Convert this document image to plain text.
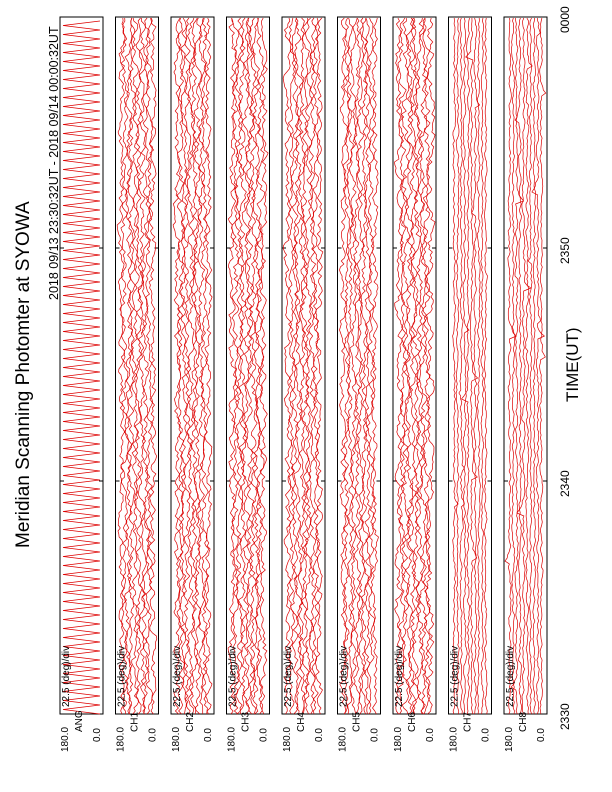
Meridian Scanning Photomter at SYOWA
2018 09/13 23:30:32UT - 2018 09/14 00:00:32UT
TIME(UT)
22.5 (deg)/div
180.0
ANG
0.0
22.5 (deg)/div
180.0
CH1
0.0
22.5 (deg)/div
180.0
CH2
0.0
22.5 (deg)/div
180.0
CH3
0.0
22.5 (deg)/div
180.0
CH4
0.0
22.5 (deg)/div
180.0
CH5
0.0
22.5 (deg)/div
180.0
CH6
0.0
22.5 (deg)/div
180.0
CH7
0.0
22.5 (deg)/div
180.0
CH8
0.0
2330
2340
2350
0000
